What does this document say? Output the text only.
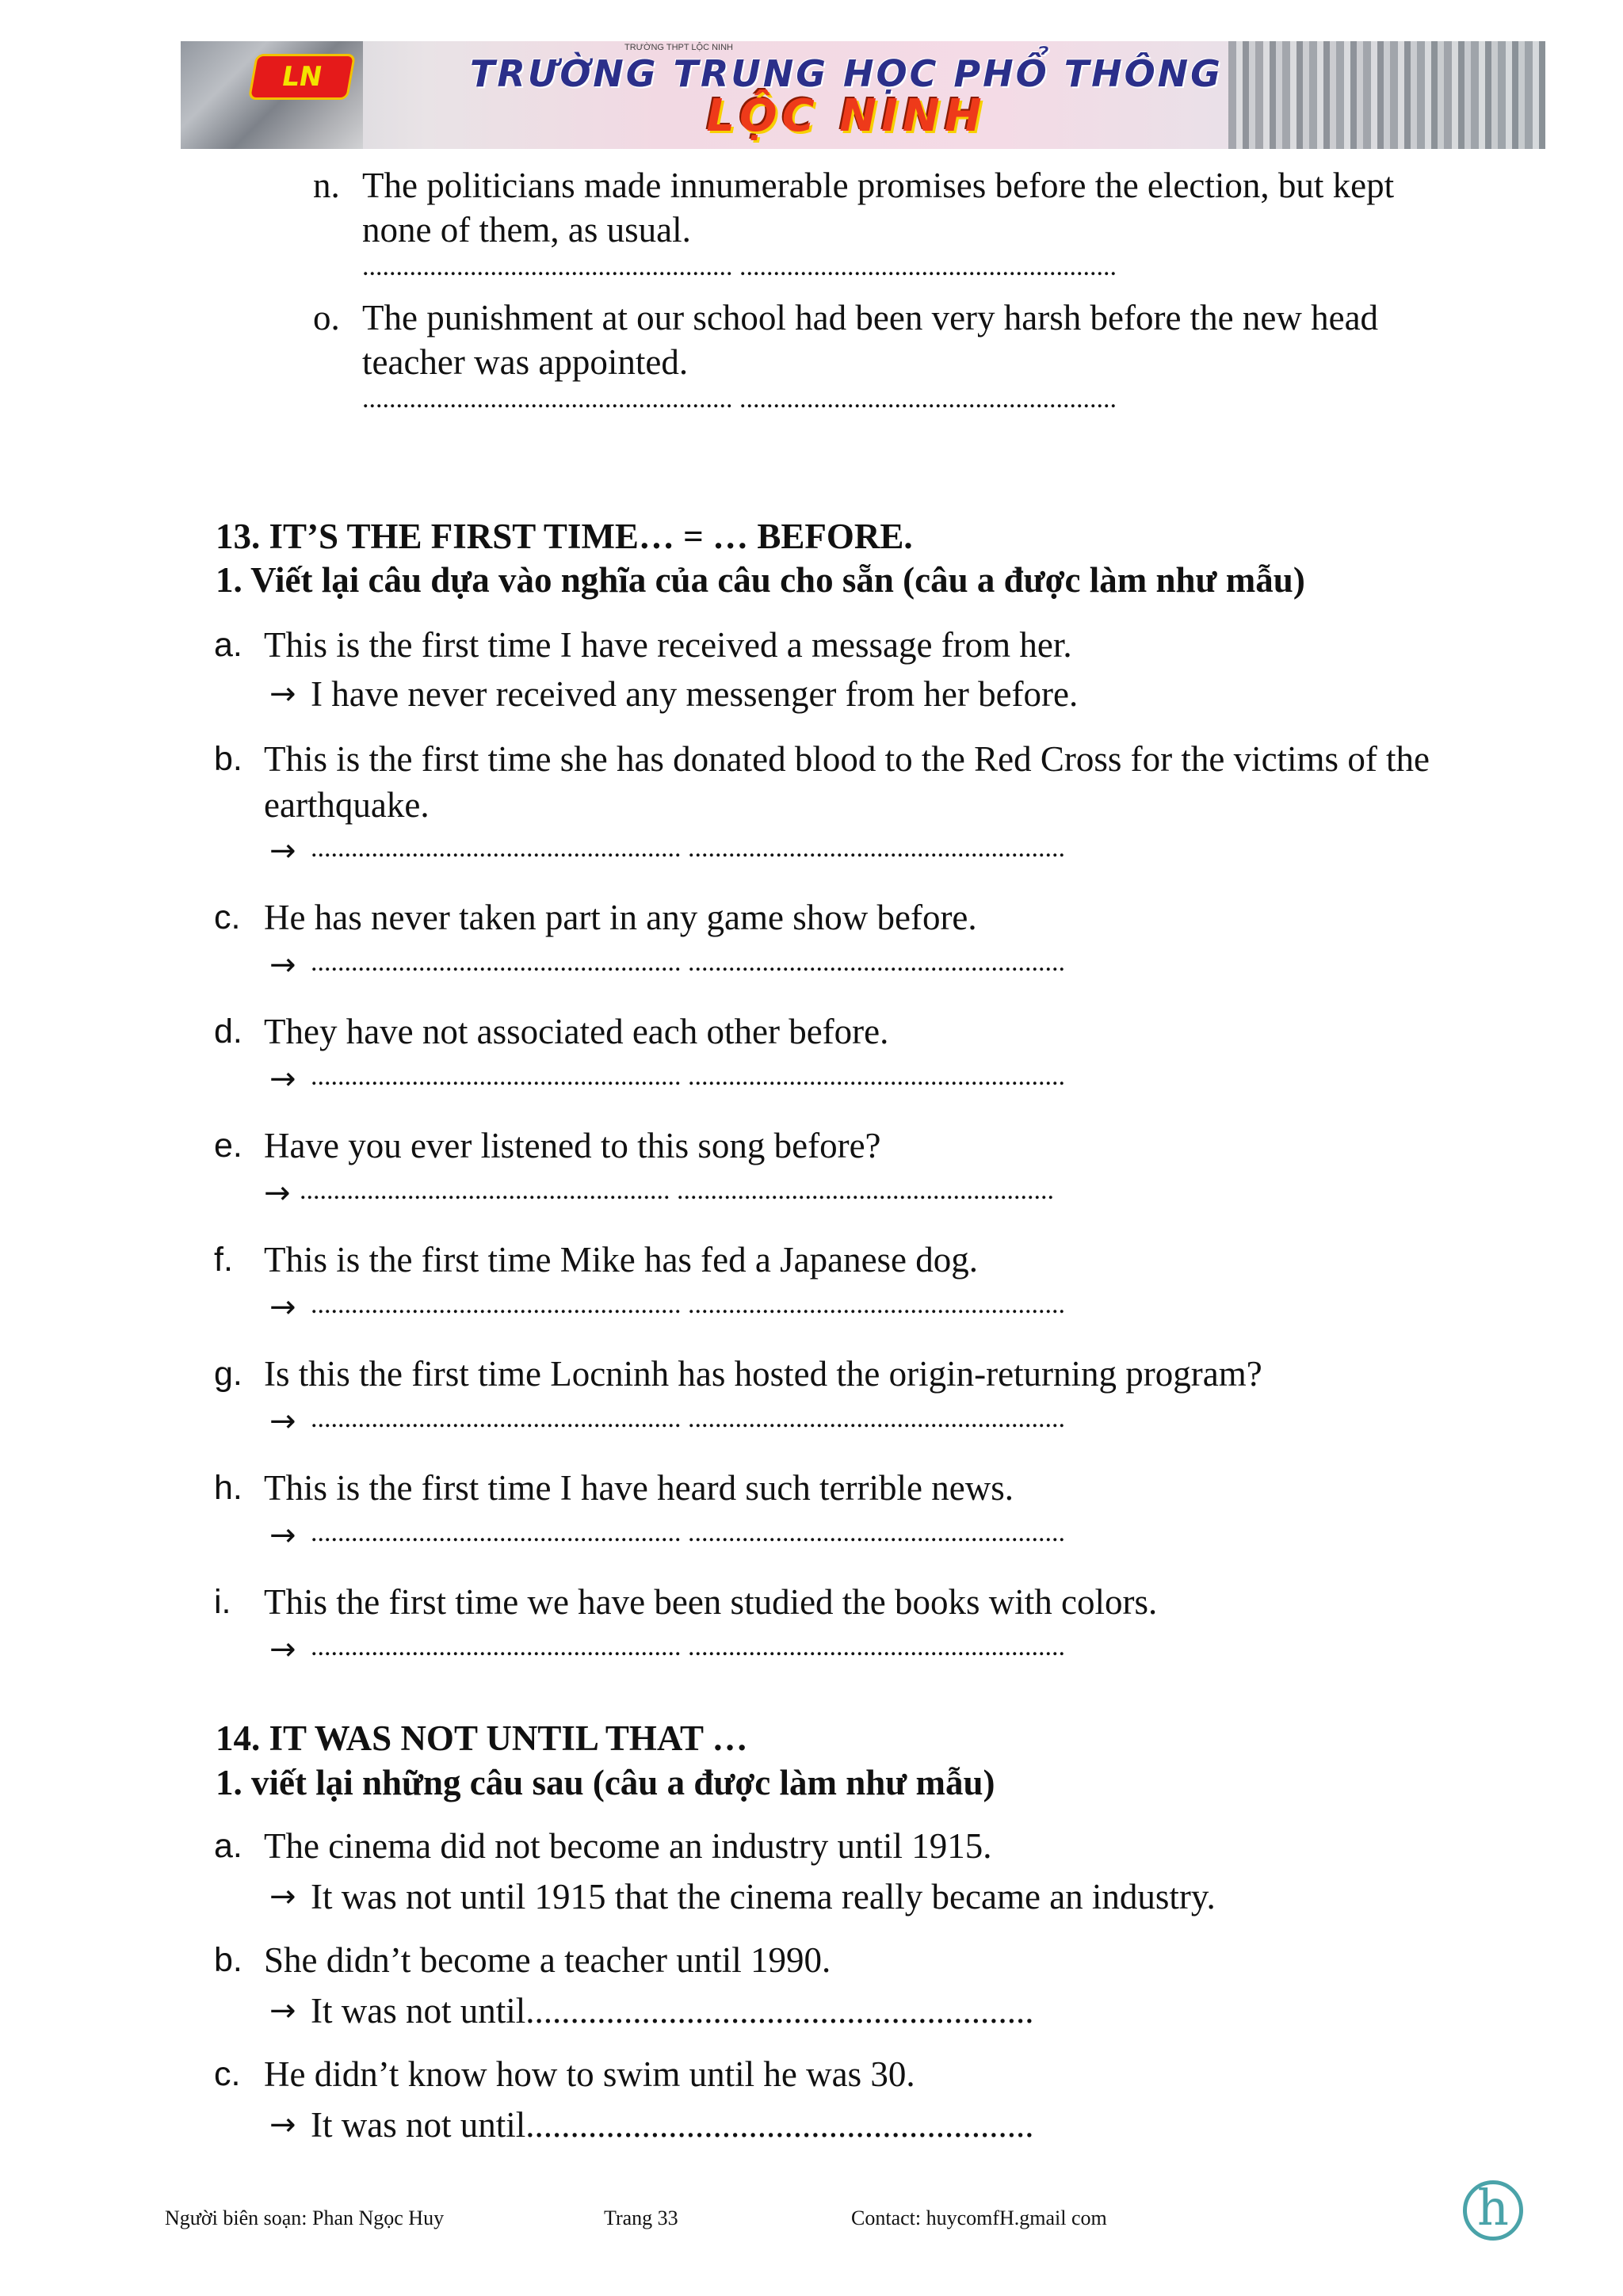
LN
TRƯỜNG THPT LỘC NINH
TRƯỜNG TRUNG HỌC PHỔ THÔNG
LỘC NINH
n. The politicians made innumerable promises before the election, but kept
none of them, as usual.
....................................................... ........................................................
o. The punishment at our school had been very harsh before the new head
teacher was appointed.
....................................................... ........................................................
13. IT’S THE FIRST TIME… = … BEFORE.
1. Viết lại câu dựa vào nghĩa của câu cho sẵn (câu a được làm như mẫu)
a. This is the first time I have received a message from her.
→ I have never received any messenger from her before.
b. This is the first time she has donated blood to the Red Cross for the victims of the
earthquake.
→ ....................................................... ........................................................
c. He has never taken part in any game show before.
→ ....................................................... ........................................................
d. They have not associated each other before.
→ ....................................................... ........................................................
e. Have you ever listened to this song before?
→ ....................................................... ........................................................
f. This is the first time Mike has fed a Japanese dog.
→ ....................................................... ........................................................
g. Is this the first time Locninh has hosted the origin-returning program?
→ ....................................................... ........................................................
h. This is the first time I have heard such terrible news.
→ ....................................................... ........................................................
i. This the first time we have been studied the books with colors.
→ ....................................................... ........................................................
14. IT WAS NOT UNTIL THAT …
1. viết lại những câu sau (câu a được làm như mẫu)
a. The cinema did not become an industry until 1915.
→ It was not until 1915 that the cinema really became an industry.
b. She didn’t become a teacher until 1990.
→ It was not until.........................................................
c. He didn’t know how to swim until he was 30.
→ It was not until.........................................................
Người biên soạn: Phan Ngọc Huy	Trang 33	Contact: huycomfH.gmail com	h
